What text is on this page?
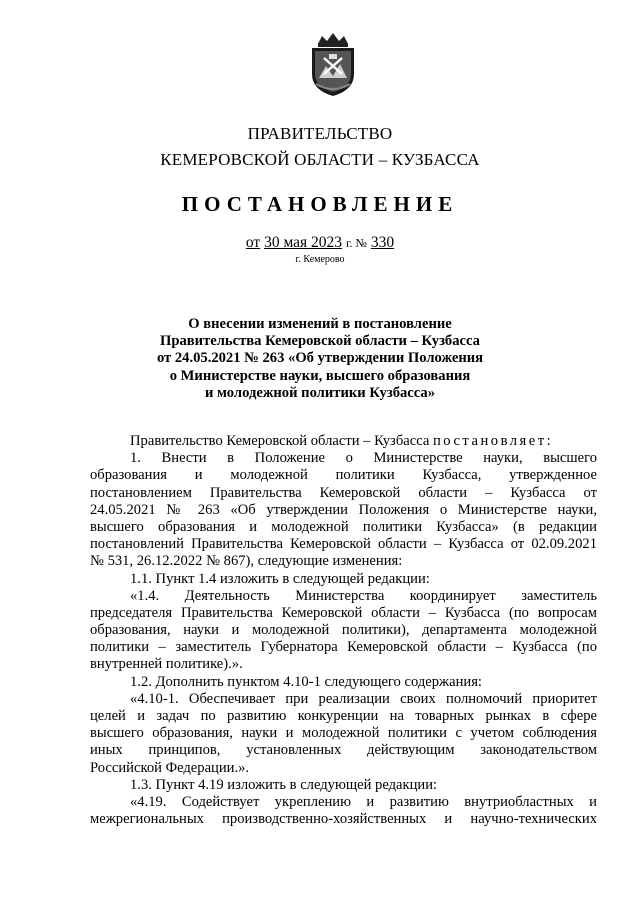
ПРАВИТЕЛЬСТВО
КЕМЕРОВСКОЙ ОБЛАСТИ – КУЗБАССА
ПОСТАНОВЛЕНИЕ
от 30 мая 2023 г. № 330
г. Кемерово
О внесении изменений в постановление
Правительства Кемеровской области – Кузбасса
от 24.05.2021 № 263 «Об утверждении Положения
о Министерстве науки, высшего образования
и молодежной политики Кузбасса»
Правительство Кемеровской области – Кузбасса постановляет:
1. Внести в Положение о Министерстве науки, высшего
образования и молодежной политики Кузбасса, утвержденное
постановлением Правительства Кемеровской области – Кузбасса от
24.05.2021 № 263 «Об утверждении Положения о Министерстве науки,
высшего образования и молодежной политики Кузбасса» (в редакции
постановлений Правительства Кемеровской области – Кузбасса от 02.09.2021
№ 531, 26.12.2022 № 867), следующие изменения:
1.1. Пункт 1.4 изложить в следующей редакции:
«1.4. Деятельность Министерства координирует заместитель
председателя Правительства Кемеровской области – Кузбасса (по вопросам
образования, науки и молодежной политики), департамента молодежной
политики – заместитель Губернатора Кемеровской области – Кузбасса (по
внутренней политике).».
1.2. Дополнить пунктом 4.10-1 следующего содержания:
«4.10-1. Обеспечивает при реализации своих полномочий приоритет
целей и задач по развитию конкуренции на товарных рынках в сфере
высшего образования, науки и молодежной политики с учетом соблюдения
иных принципов, установленных действующим законодательством
Российской Федерации.».
1.3. Пункт 4.19 изложить в следующей редакции:
«4.19. Содействует укреплению и развитию внутриобластных и
межрегиональных производственно-хозяйственных и научно-технических
